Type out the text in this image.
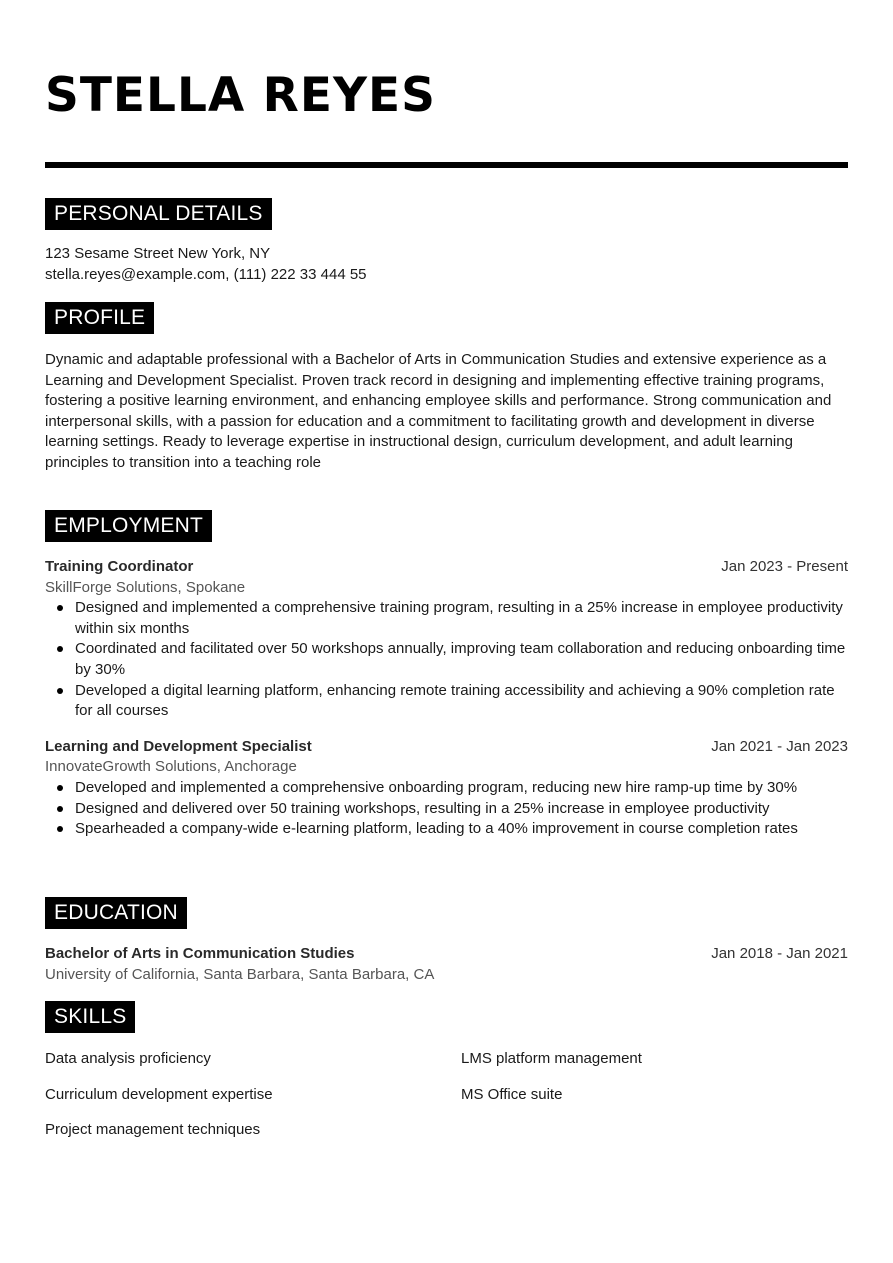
STELLA REYES
PERSONAL DETAILS

123 Sesame Street New York, NY

stella.reyes@example.com, (111) 222 33 444 55

PROFILE

Dynamic and adaptable professional with a Bachelor of Arts in Communication Studies and extensive experience as a Learning and Development Specialist. Proven track record in designing and implementing effective training programs, fostering a positive learning environment, and enhancing employee skills and performance. Strong communication and interpersonal skills, with a passion for education and a commitment to facilitating growth and development in diverse learning settings. Ready to leverage expertise in instructional design, curriculum development, and adult learning principles to transition into a teaching role

EMPLOYMENT
Training Coordinator	Jan 2023 - Present
SkillForge Solutions, Spokane
Designed and implemented a comprehensive training program, resulting in a 25% increase in employee productivity within six months
Coordinated and facilitated over 50 workshops annually, improving team collaboration and reducing onboarding time by 30%
Developed a digital learning platform, enhancing remote training accessibility and achieving a 90% completion rate for all courses
Learning and Development Specialist	Jan 2021 - Jan 2023
InnovateGrowth Solutions, Anchorage
Developed and implemented a comprehensive onboarding program, reducing new hire ramp-up time by 30%
Designed and delivered over 50 training workshops, resulting in a 25% increase in employee productivity
Spearheaded a company-wide e-learning platform, leading to a 40% improvement in course completion rates
EDUCATION
Bachelor of Arts in Communication Studies	Jan 2018 - Jan 2021
University of California, Santa Barbara, Santa Barbara, CA
SKILLS
Data analysis proficiency	LMS platform management
Curriculum development expertise	MS Office suite
Project management techniques
